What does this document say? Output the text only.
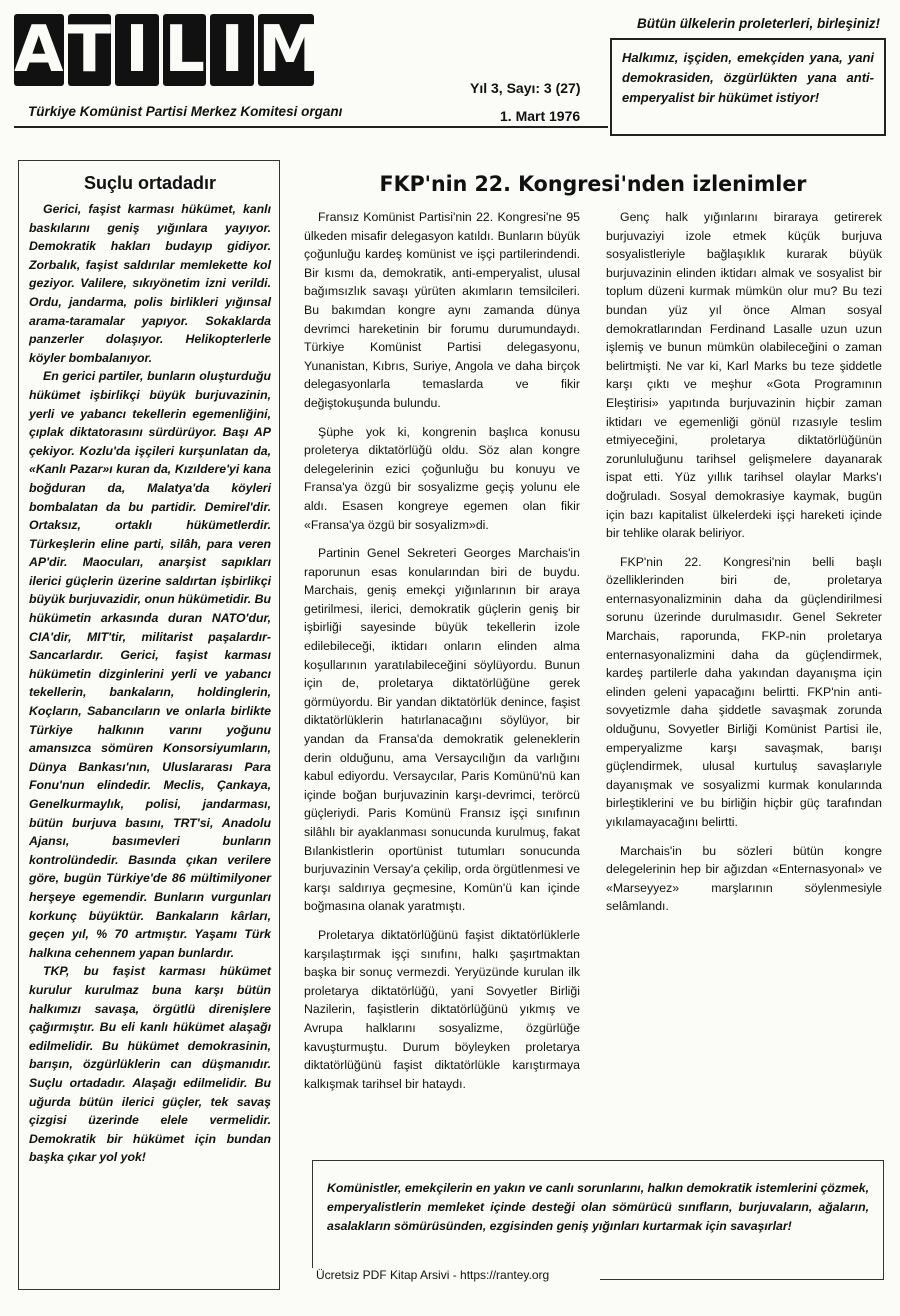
A T I L I M
Türkiye Komünist Partisi Merkez Komitesi organı
Yıl 3, Sayı: 3 (27)
1. Mart 1976
Bütün ülkelerin proleterleri, birleşiniz!
Halkımız, işçiden, emekçiden yana, yani demokrasiden, özgürlükten yana anti-emperyalist bir hükümet istiyor!
Suçlu ortadadır

Gerici, faşist karması hükümet, kanlı baskılarını geniş yığınlara yayıyor. Demokratik hakları budayıp gidiyor. Zorbalık, faşist saldırılar memlekette kol geziyor. Valilere, sıkıyönetim izni verildi. Ordu, jandarma, polis birlikleri yığınsal arama-taramalar yapıyor. Sokaklarda panzerler dolaşıyor. Helikopterlerle köyler bombalanıyor.

En gerici partiler, bunların oluşturduğu hükümet işbirlikçi büyük burjuvazinin, yerli ve yabancı tekellerin egemenliğini, çıplak diktatorasını sürdürüyor. Başı AP çekiyor. Kozlu'da işçileri kurşunlatan da, «Kanlı Pazar»ı kuran da, Kızıldere'yi kana boğduran da, Malatya'da köyleri bombalatan da bu partidir. Demirel'dir. Ortaksız, ortaklı hükümetlerdir. Türkeşlerin eline parti, silâh, para veren AP'dir. Maocuları, anarşist sapıkları ilerici güçlerin üzerine saldırtan işbirlikçi büyük burjuvazidir, onun hükümetidir. Bu hükümetin arkasında duran NATO'dur, CIA'dir, MIT'tir, militarist paşalardır-Sancarlardır. Gerici, faşist karması hükümetin dizginlerini yerli ve yabancı tekellerin, bankaların, holdinglerin, Koçların, Sabancıların ve onlarla birlikte Türkiye halkının varını yoğunu amansızca sömüren Konsorsiyumların, Dünya Bankası'nın, Uluslararası Para Fonu'nun elindedir. Meclis, Çankaya, Genelkurmaylık, polisi, jandarması, bütün burjuva basını, TRT'si, Anadolu Ajansı, basımevleri bunların kontrolündedir. Basında çıkan verilere göre, bugün Türkiye'de 86 mültimilyoner herşeye egemendir. Bunların vurgunları korkunç büyüktür. Bankaların kârları, geçen yıl, % 70 artmıştır. Yaşamı Türk halkına cehennem yapan bunlardır.

TKP, bu faşist karması hükümet kurulur kurulmaz buna karşı bütün halkımızı savaşa, örgütlü direnişlere çağırmıştır. Bu eli kanlı hükümet alaşağı edilmelidir. Bu hükümet demokrasinin, barışın, özgürlüklerin can düşmanıdır. Suçlu ortadadır. Alaşağı edilmelidir. Bu uğurda bütün ilerici güçler, tek savaş çizgisi üzerinde elele vermelidir. Demokratik bir hükümet için bundan başka çıkar yol yok!

FKP'nin 22. Kongresi'nden izlenimler

Fransız Komünist Partisi'nin 22. Kongresi'ne 95 ülkeden misafir delegasyon katıldı. Bunların büyük çoğunluğu kardeş komünist ve işçi partilerindendi. Bir kısmı da, demokratik, anti-emperyalist, ulusal bağımsızlık savaşı yürüten akımların temsilcileri. Bu bakımdan kongre aynı zamanda dünya devrimci hareketinin bir forumu durumundaydı. Türkiye Komünist Partisi delegasyonu, Yunanistan, Kıbrıs, Suriye, Angola ve daha birçok delegasyonlarla temaslarda ve fikir değiştokuşunda bulundu.

Şüphe yok ki, kongrenin başlıca konusu proleterya diktatörlüğü oldu. Söz alan kongre delegelerinin ezici çoğunluğu bu konuyu ve Fransa'ya özgü bir sosyalizme geçiş yolunu ele aldı. Esasen kongreye egemen olan fikir «Fransa'ya özgü bir sosyalizm»di.

Partinin Genel Sekreteri Georges Marchais'in raporunun esas konularından biri de buydu. Marchais, geniş emekçi yığınlarının bir araya getirilmesi, ilerici, demokratik güçlerin geniş bir işbirliği sayesinde büyük tekellerin izole edilebileceği, iktidarı onların elinden alma koşullarının yaratılabileceğini söylüyordu. Bunun için de, proletarya diktatörlüğüne gerek görmüyordu. Bir yandan diktatörlük denince, faşist diktatörlüklerin hatırlanacağını söylüyor, bir yandan da Fransa'da demokratik geleneklerin derin olduğunu, ama Versaycılığın da varlığını kabul ediyordu. Versaycılar, Paris Komünü'nü kan içinde boğan burjuvazinin karşı-devrimci, terörcü güçleriydi. Paris Komünü Fransız işçi sınıfının silâhlı bir ayaklanması sonucunda kurulmuş, fakat Bılankistlerin oportünist tutumları sonucunda burjuvazinin Versay'a çekilip, orda örgütlenmesi ve karşı saldırıya geçmesine, Komün'ü kan içinde boğmasına olanak yaratmıştı.

Proletarya diktatörlüğünü faşist diktatörlüklerle karşılaştırmak işçi sınıfını, halkı şaşırtmaktan başka bir sonuç vermezdi. Yeryüzünde kurulan ilk proletarya diktatörlüğü, yani Sovyetler Birliği Nazilerin, faşistlerin diktatörlüğünü yıkmış ve Avrupa halklarını sosyalizme, özgürlüğe kavuşturmuştu. Durum böyleyken proletarya diktatörlüğünü faşist diktatörlükle karıştırmaya kalkışmak tarihsel bir hataydı.

Genç halk yığınlarını biraraya getirerek burjuvaziyi izole etmek küçük burjuva sosyalistleriyle bağlaşıklık kurarak büyük burjuvazinin elinden iktidarı almak ve sosyalist bir toplum düzeni kurmak mümkün olur mu? Bu tezi bundan yüz yıl önce Alman sosyal demokratlarından Ferdinand Lasalle uzun uzun işlemiş ve bunun mümkün olabileceğini o zaman belirtmişti. Ne var ki, Karl Marks bu teze şiddetle karşı çıktı ve meşhur «Gota Programının Eleştirisi» yapıtında burjuvazinin hiçbir zaman iktidarı ve egemenliği gönül rızasıyle teslim etmiyeceğini, proletarya diktatörlüğünün zorunluluğunu tarihsel gelişmelere dayanarak ispat etti. Yüz yıllık tarihsel olaylar Marks'ı doğruladı. Sosyal demokrasiye kaymak, bugün için bazı kapitalist ülkelerdeki işçi hareketi içinde bir tehlike olarak beliriyor.

FKP'nin 22. Kongresi'nin belli başlı özelliklerinden biri de, proletarya enternasyonalizminin daha da güçlendirilmesi sorunu üzerinde durulmasıdır. Genel Sekreter Marchais, raporunda, FKP-nin proletarya enternasyonalizmini daha da güçlendirmek, kardeş partilerle daha yakından dayanışma için elinden geleni yapacağını belirtti. FKP'nin anti-sovyetizmle daha şiddetle savaşmak zorunda olduğunu, Sovyetler Birliği Komünist Partisi ile, emperyalizme karşı savaşmak, barışı güçlendirmek, ulusal kurtuluş savaşlarıyle dayanışmak ve sosyalizmi kurmak konularında birleştiklerini ve bu birliğin hiçbir güç tarafından yıkılamayacağını belirtti.

Marchais'in bu sözleri bütün kongre delegelerinin hep bir ağızdan «Enternasyonal» ve «Marseyyez» marşlarının söylenmesiyle selâmlandı.

Komünistler, emekçilerin en yakın ve canlı sorunlarını, halkın demokratik istemlerini çözmek, emperyalistlerin memleket içinde desteği olan sömürücü sınıfların, burjuvaların, ağaların, asalakların sömürüsünden, ezgisinden geniş yığınları kurtarmak için savaşırlar!
Ücretsiz PDF Kitap Arsivi - https://rantey.org
